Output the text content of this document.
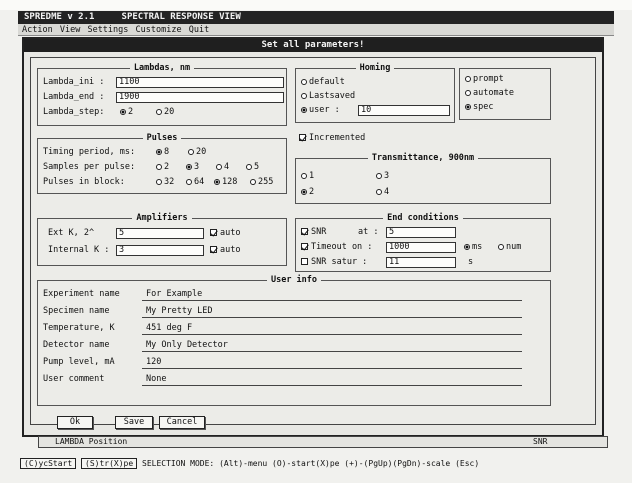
SPREDME v 2.1     SPECTRAL RESPONSE VIEW
Action View Settings Customize Quit
Set all parameters!
Lambdas, nm
Lambda_ini :	1100
Lambda_end :	1900
Lambda_step:	2	20
Homing
default
Lastsaved
user :	10
prompt
automate
spec
Incremented
Pulses
Timing period, ms:	8	20
Samples per pulse:	2	3	4	5
Pulses in block:	32	64	128	255
Transmittance, 900nm
1	3
2	4
Amplifiers
Ext K, 2^	5	auto
Internal K :	3	auto
End conditions
SNR	at :	5
Timeout on :	1000	ms	num
SNR satur :	11	s
User info
Experiment name	For Example
Specimen name	My Pretty LED
Temperature, K	451 deg F
Detector name	My Only Detector
Pump level, mA	120
User comment	None
Ok	Save	Cancel
LAMBDA Position	SNR
(C)ycStart (S)tr(X)pe SELECTION MODE: (Alt)-menu (O)-start(X)pe (+)-(PgUp)(PgDn)-scale (Esc)
